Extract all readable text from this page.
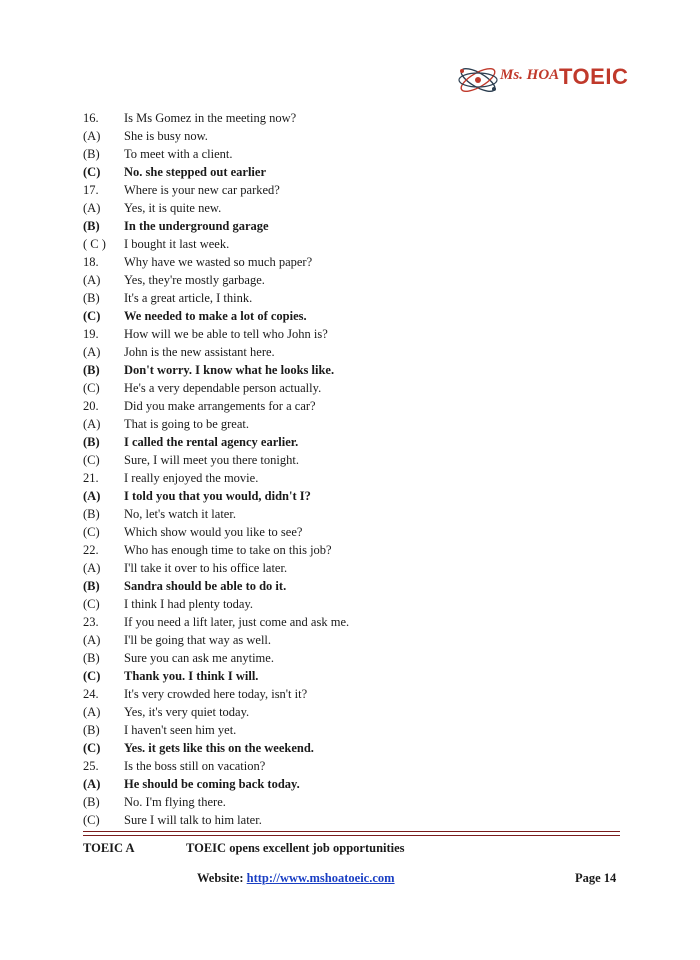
Ms. HOA TOEIC
16. Is Ms Gomez in the meeting now?
(A) She is busy now.
(B) To meet with a client.
(C) No. she stepped out earlier
17. Where is your new car parked?
(A) Yes, it is quite new.
(B) In the underground garage
( C ) I bought it last week.
18. Why have we wasted so much paper?
(A) Yes, they're mostly garbage.
(B) It's a great article, I think.
(C) We needed to make a lot of copies.
19. How will we be able to tell who John is?
(A) John is the new assistant here.
(B) Don't worry. I know what he looks like.
(C) He's a very dependable person actually.
20. Did you make arrangements for a car?
(A) That is going to be great.
(B) I called the rental agency earlier.
(C) Sure, I will meet you there tonight.
21. I really enjoyed the movie.
(A) I told you that you would, didn't I?
(B) No, let's watch it later.
(C) Which show would you like to see?
22. Who has enough time to take on this job?
(A) I'll take it over to his office later.
(B) Sandra should be able to do it.
(C) I think I had plenty today.
23. If you need a lift later, just come and ask me.
(A) I'll be going that way as well.
(B) Sure you can ask me anytime.
(C) Thank you. I think I will.
24. It's very crowded here today, isn't it?
(A) Yes, it's very quiet today.
(B) I haven't seen him yet.
(C) Yes. it gets like this on the weekend.
25. Is the boss still on vacation?
(A) He should be coming back today.
(B) No. I'm flying there.
(C) Sure I will talk to him later.
TOEIC A	TOEIC opens excellent job opportunities
Website: http://www.mshoatoeic.com	Page 14
